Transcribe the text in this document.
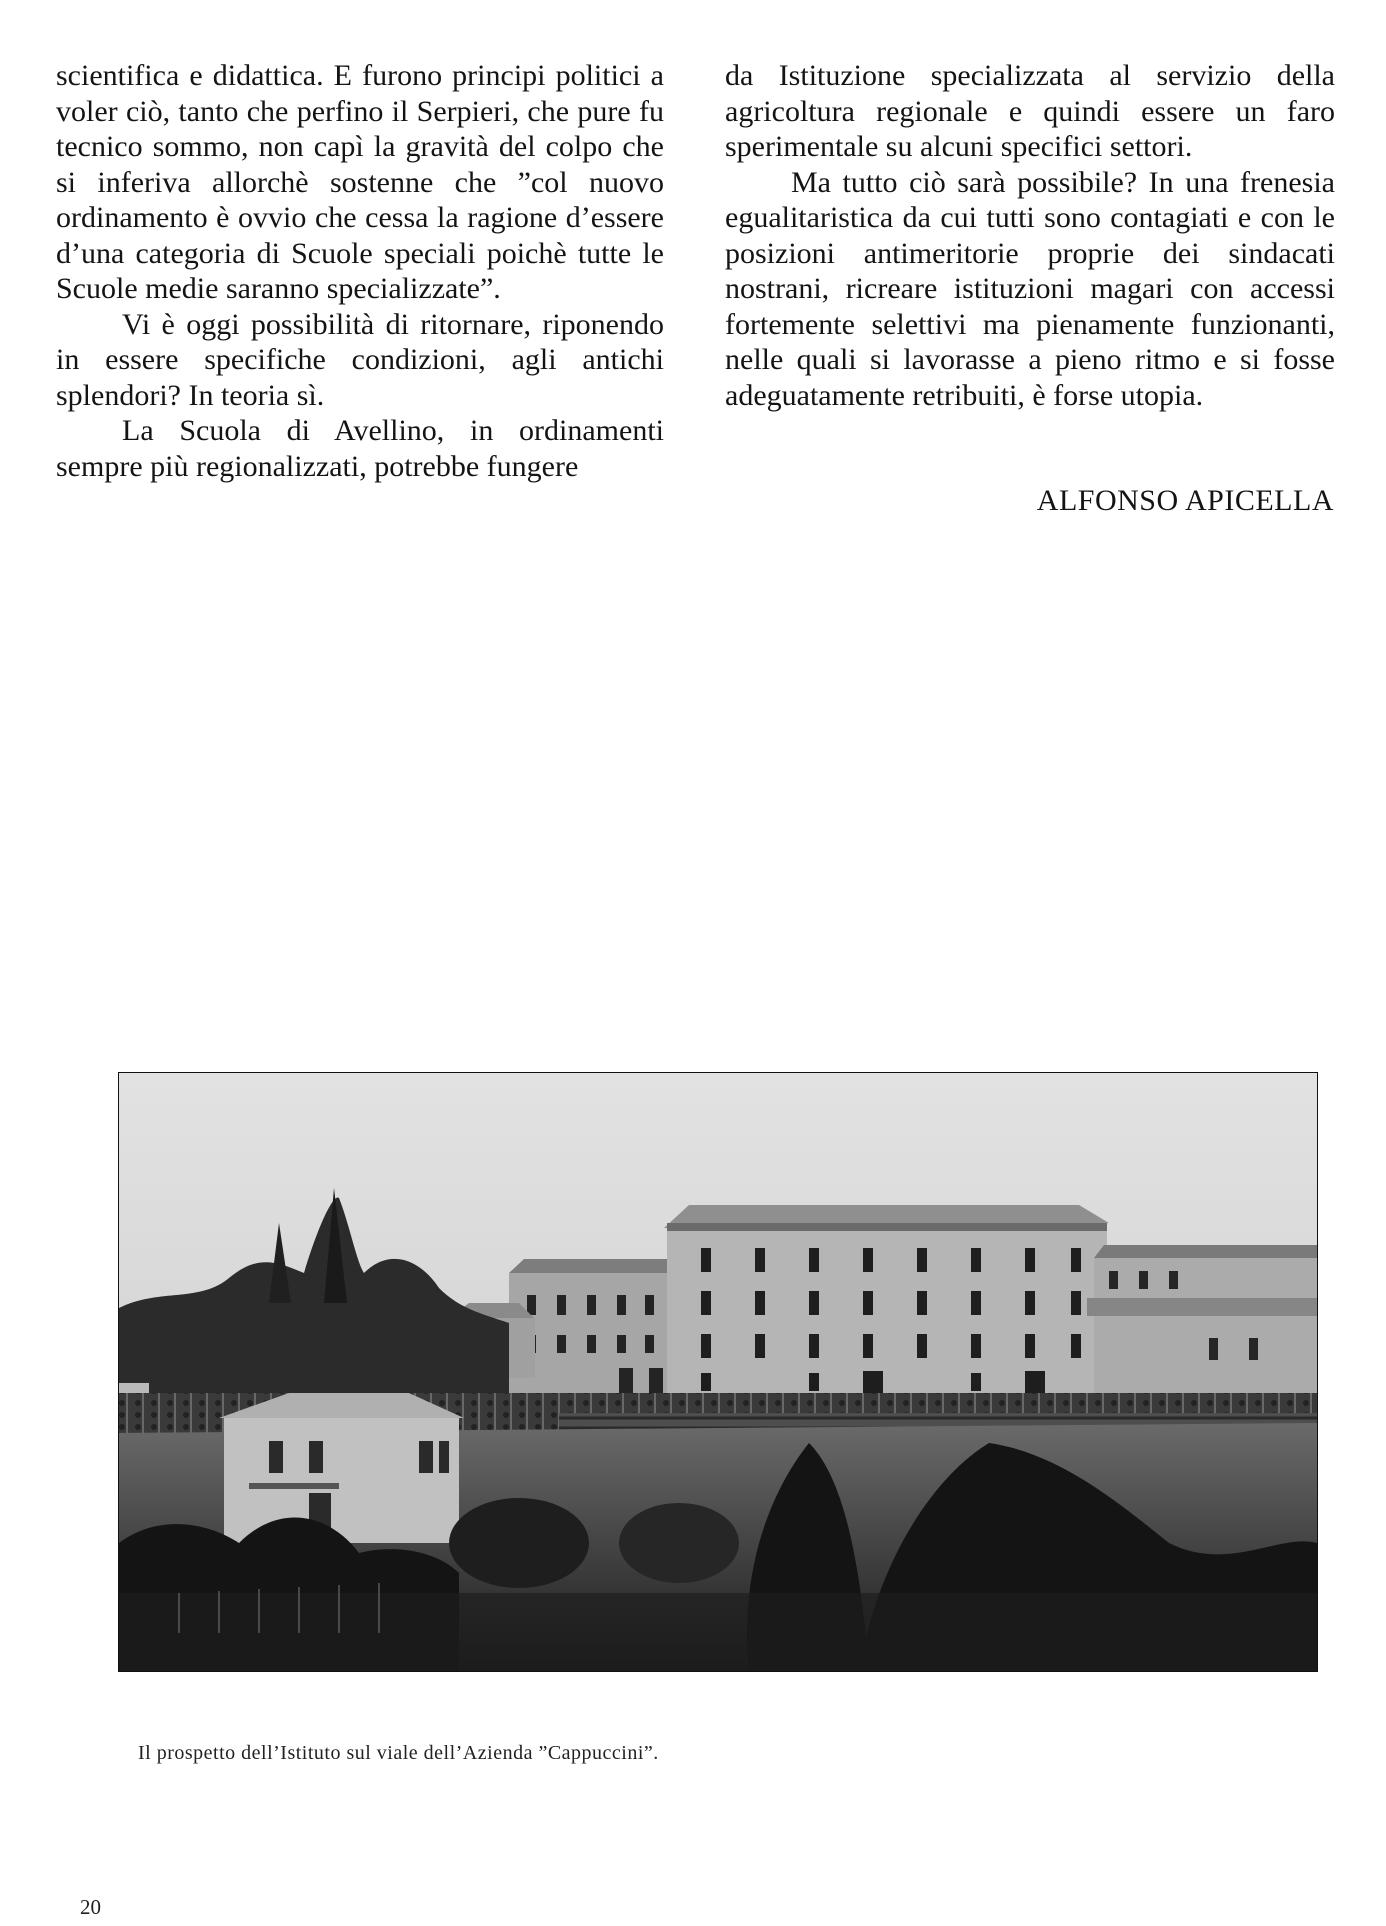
scientifica e didattica. E furono principi politici a voler ciò, tanto che perfino il Serpieri, che pure fu tecnico sommo, non capì la gravità del colpo che si inferiva allorchè sostenne che ”col nuovo ordinamento è ovvio che cessa la ragione d’essere d’una categoria di Scuole speciali poichè tutte le Scuole medie saranno specializzate”.

Vi è oggi possibilità di ritornare, riponendo in essere specifiche condizioni, agli antichi splendori? In teoria sì.

La Scuola di Avellino, in ordinamenti sempre più regionalizzati, potrebbe fungere

da Istituzione specializzata al servizio della agricoltura regionale e quindi essere un faro sperimentale su alcuni specifici settori.

Ma tutto ciò sarà possibile? In una frenesia egualitaristica da cui tutti sono contagiati e con le posizioni antimeritorie proprie dei sindacati nostrani, ricreare istituzioni magari con accessi fortemente selettivi ma pienamente funzionanti, nelle quali si lavorasse a pieno ritmo e si fosse adeguatamente retribuiti, è forse utopia.

ALFONSO APICELLA
Il prospetto dell’Istituto sul viale dell’Azienda ”Cappuccini”.
20
